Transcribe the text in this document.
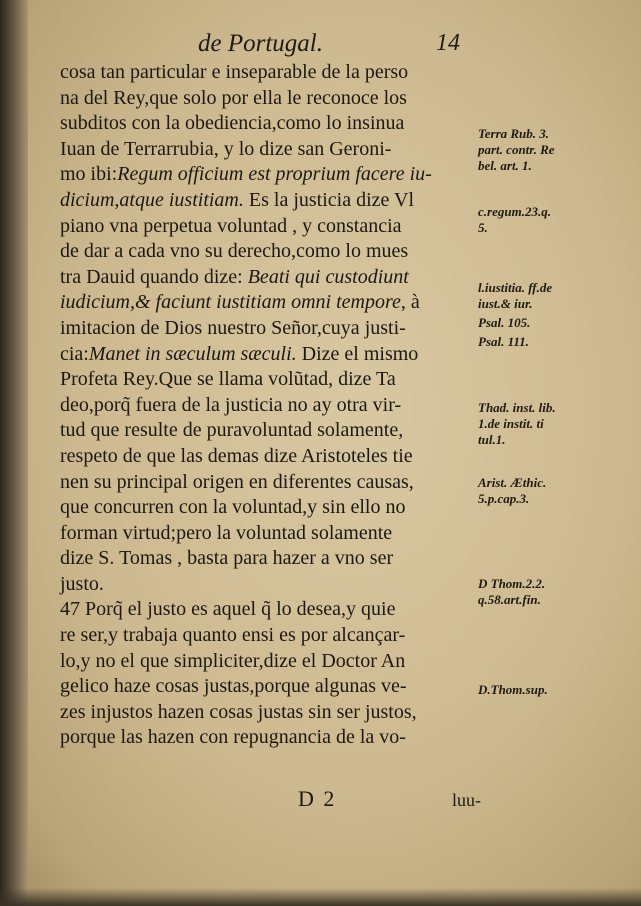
de Portugal.	14
cosa tan particular e inseparable de la perso
na del Rey,que solo por ella le reconoce los
subditos con la obediencia,como lo insinua
Iuan de Terrarrubia, y lo dize san Geroni-
mo ibi:Regum officium est proprium facere iu-
dicium,atque iustitiam. Es la justicia dize Vl
piano vna perpetua voluntad , y constancia
de dar a cada vno su derecho,como lo mues
tra Dauid quando dize: Beati qui custodiunt
iudicium,& faciunt iustitiam omni tempore, à
imitacion de Dios nuestro Señor,cuya justi-
cia:Manet in sæculum sæculi. Dize el mismo
Profeta Rey.Que se llama volũtad, dize Ta
deo,porq̃ fuera de la justicia no ay otra vir-
tud que resulte de puravoluntad solamente,
respeto de que las demas dize Aristoteles tie
nen su principal origen en diferentes causas,
que concurren con la voluntad,y sin ello no
forman virtud;pero la voluntad solamente
dize S. Tomas , basta para hazer a vno ser
justo.
47 Porq̃ el justo es aquel q̃ lo desea,y quie
re ser,y trabaja quanto ensi es por alcançar-
lo,y no el que simpliciter,dize el Doctor An
gelico haze cosas justas,porque algunas ve-
zes injustos hazen cosas justas sin ser justos,
porque las hazen con repugnancia de la vo-
Terra Rub. 3.
part. contr. Re
bel. art. 1.
c.regum.23.q.
5.
l.iustitia. ff.de
iust.& iur.
Psal. 105.
Psal. 111.
Thad. inst. lib.
1.de instit. ti
tul.1.
Arist. Æthic.
5.p.cap.3.
D Thom.2.2.
q.58.art.fin.
D.Thom.sup.
D 2	luu-
